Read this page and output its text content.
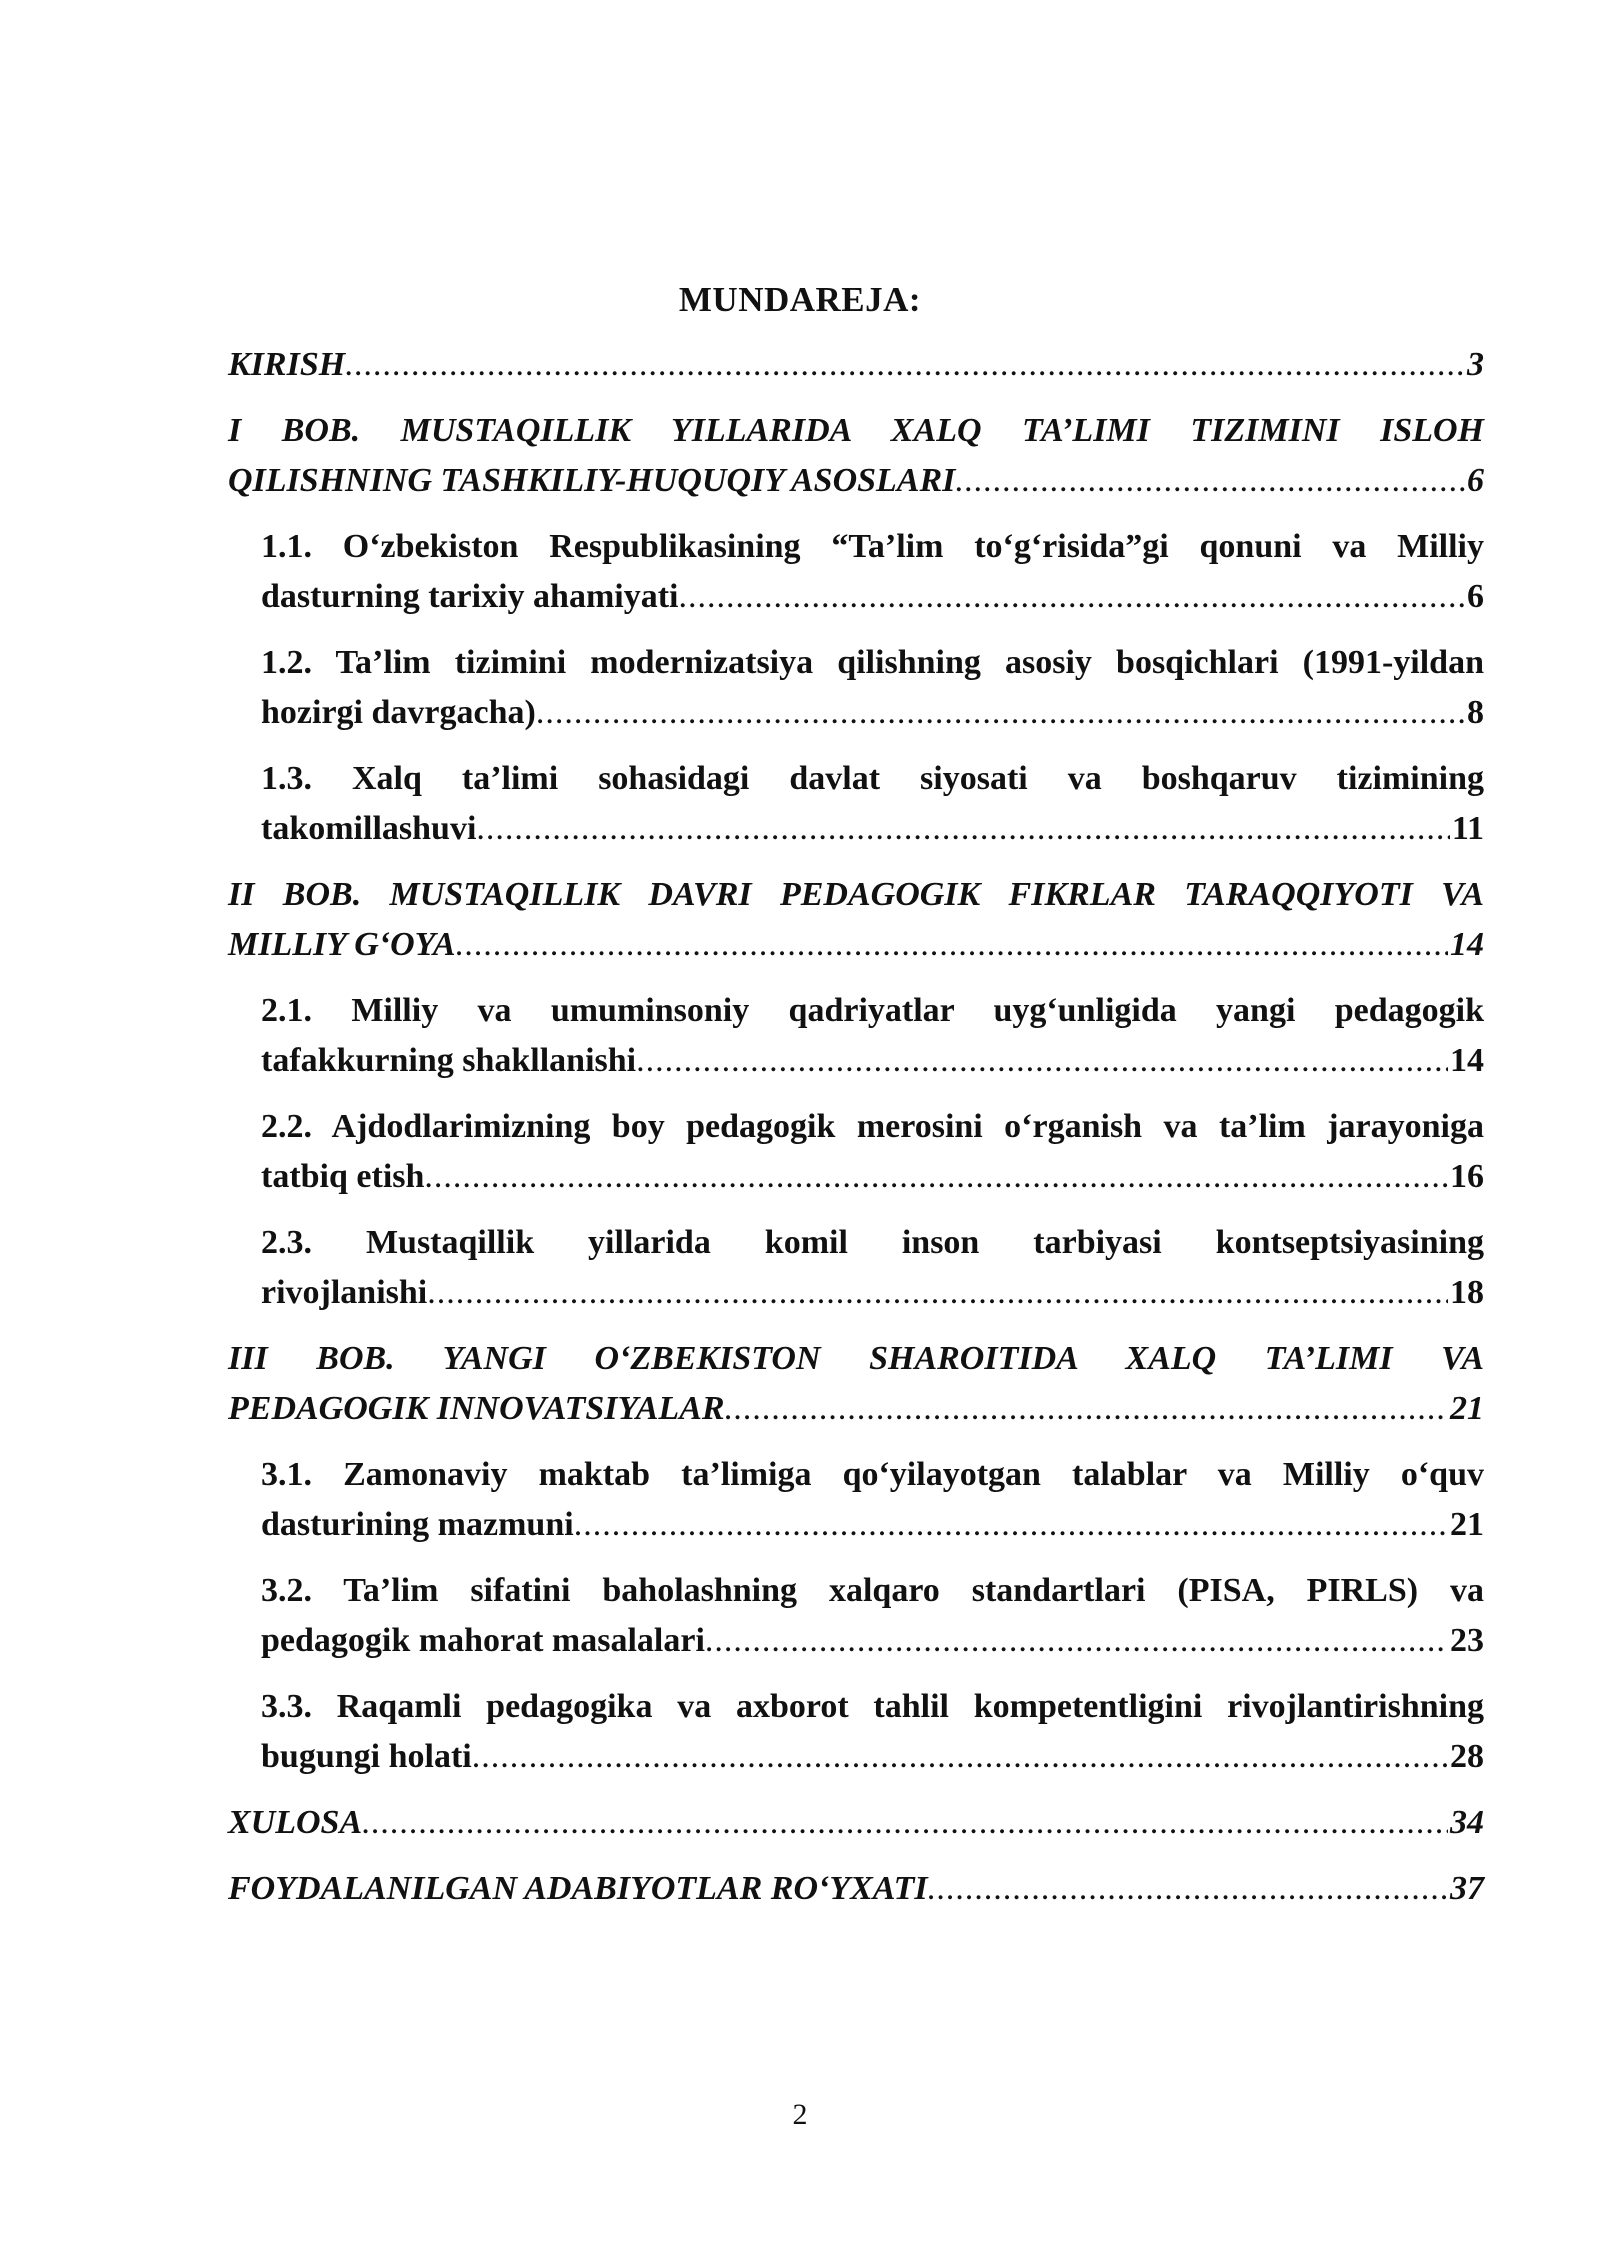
MUNDAREJA:
KIRISH .....	3
I BOB. MUSTAQILLIK YILLARIDA XALQ TA’LIMI TIZIMINI ISLOH
QILISHNING TASHKILIY-HUQUQIY ASOSLARI .....	6
1.1. O‘zbekiston Respublikasining “Ta’lim to‘g‘risida”gi qonuni va Milliy
dasturning tarixiy ahamiyati .....	6
1.2. Ta’lim tizimini modernizatsiya qilishning asosiy bosqichlari (1991-yildan
hozirgi davrgacha) .....	8
1.3. Xalq ta’limi sohasidagi davlat siyosati va boshqaruv tizimining
takomillashuvi .....	11
II BOB. MUSTAQILLIK DAVRI PEDAGOGIK FIKRLAR TARAQQIYOTI VA
MILLIY G‘OYA .....	14
2.1. Milliy va umuminsoniy qadriyatlar uyg‘unligida yangi pedagogik
tafakkurning shakllanishi .....	14
2.2. Ajdodlarimizning boy pedagogik merosini o‘rganish va ta’lim jarayoniga
tatbiq etish .....	16
2.3. Mustaqillik yillarida komil inson tarbiyasi kontseptsiyasining
rivojlanishi .....	18
III BOB. YANGI O‘ZBEKISTON SHAROITIDA XALQ TA’LIMI VA
PEDAGOGIK INNOVATSIYALAR .....	21
3.1. Zamonaviy maktab ta’limiga qo‘yilayotgan talablar va Milliy o‘quv
dasturining mazmuni .....	21
3.2. Ta’lim sifatini baholashning xalqaro standartlari (PISA, PIRLS) va
pedagogik mahorat masalalari .....	23
3.3. Raqamli pedagogika va axborot tahlil kompetentligini rivojlantirishning
bugungi holati .....	28
XULOSA .....	34
FOYDALANILGAN ADABIYOTLAR RO‘YXATI .....	37
2
